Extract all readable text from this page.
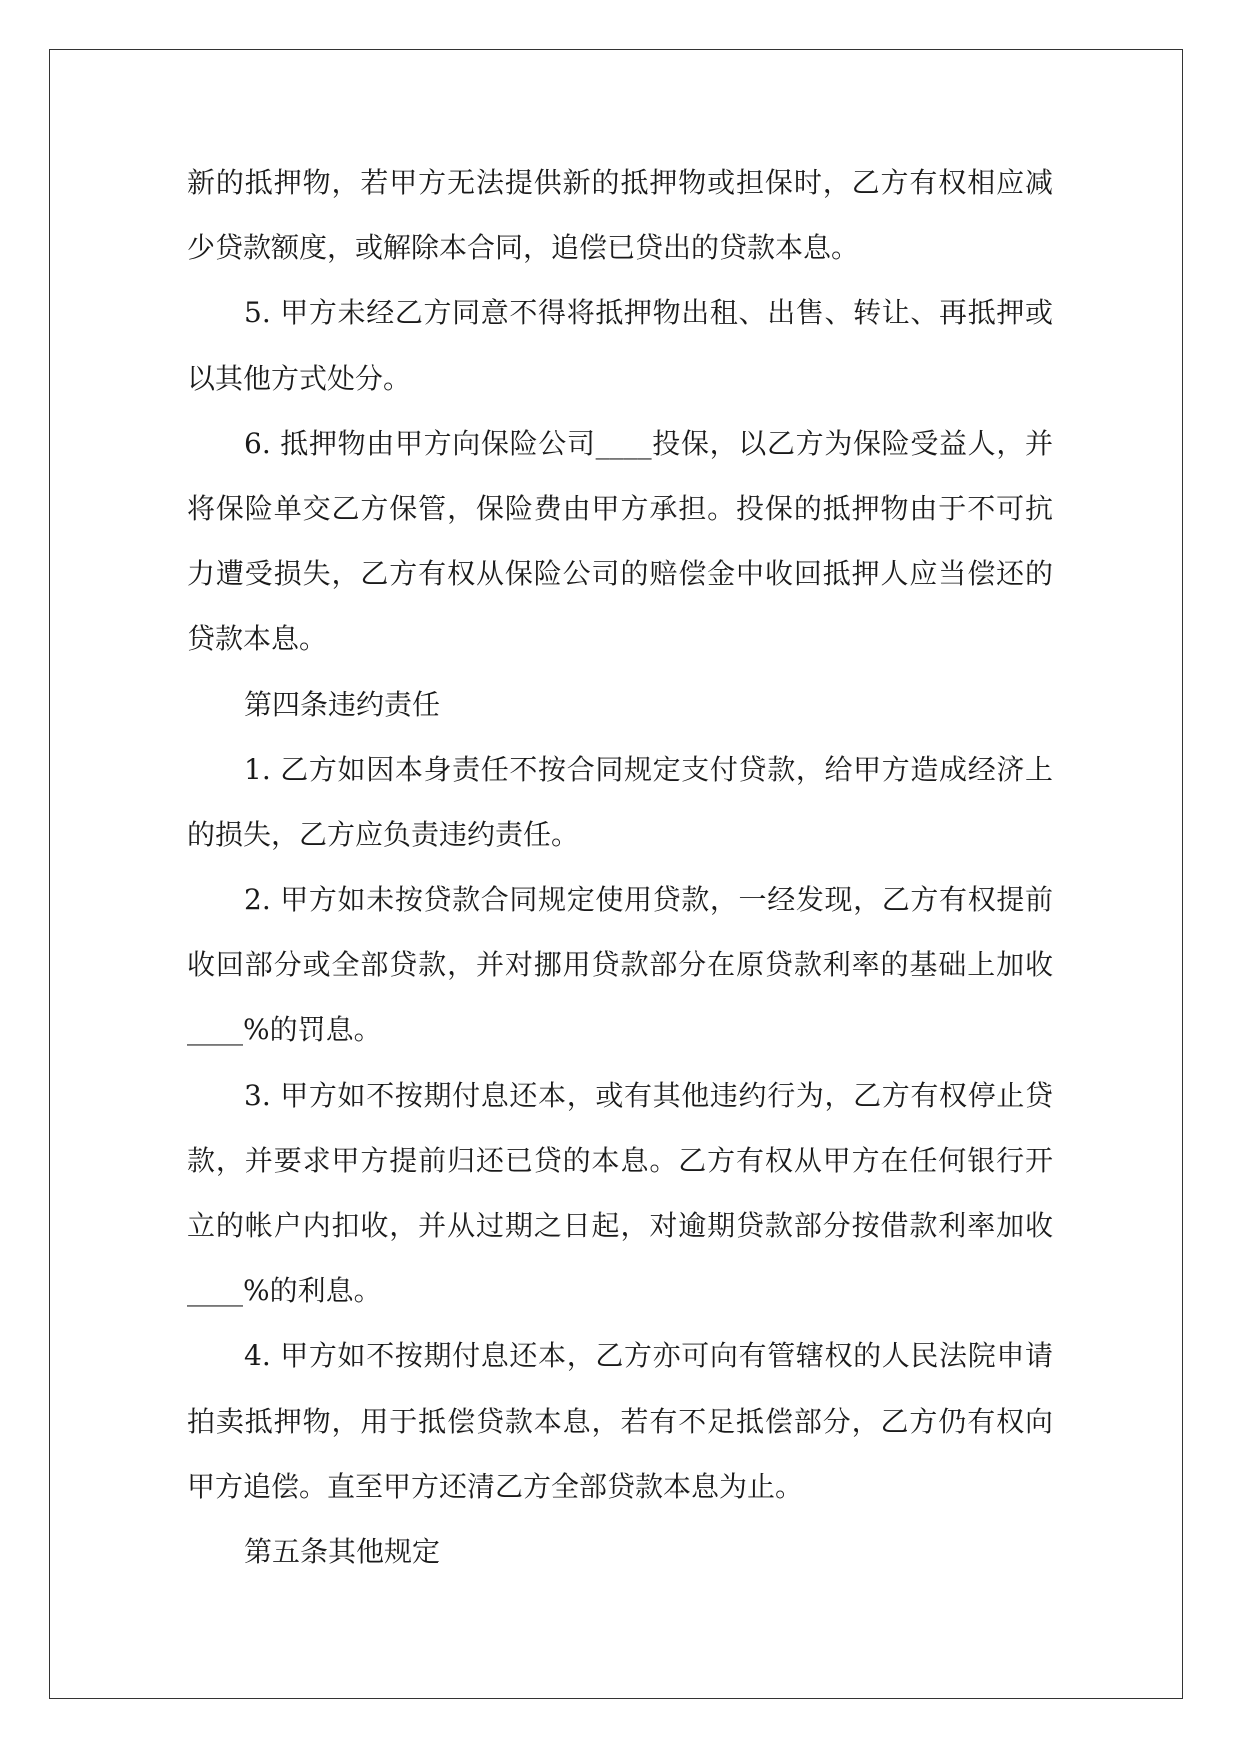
新的抵押物，若甲方无法提供新的抵押物或担保时，乙方有权相应减
少贷款额度，或解除本合同，追偿已贷出的贷款本息。
5. 甲方未经乙方同意不得将抵押物出租、出售、转让、再抵押或
以其他方式处分。
6. 抵押物由甲方向保险公司____投保，以乙方为保险受益人，并
将保险单交乙方保管，保险费由甲方承担。投保的抵押物由于不可抗
力遭受损失，乙方有权从保险公司的赔偿金中收回抵押人应当偿还的
贷款本息。
第四条违约责任
1. 乙方如因本身责任不按合同规定支付贷款，给甲方造成经济上
的损失，乙方应负责违约责任。
2. 甲方如未按贷款合同规定使用贷款，一经发现，乙方有权提前
收回部分或全部贷款，并对挪用贷款部分在原贷款利率的基础上加收
____%的罚息。
3. 甲方如不按期付息还本，或有其他违约行为，乙方有权停止贷
款，并要求甲方提前归还已贷的本息。乙方有权从甲方在任何银行开
立的帐户内扣收，并从过期之日起，对逾期贷款部分按借款利率加收
____%的利息。
4. 甲方如不按期付息还本，乙方亦可向有管辖权的人民法院申请
拍卖抵押物，用于抵偿贷款本息，若有不足抵偿部分，乙方仍有权向
甲方追偿。直至甲方还清乙方全部贷款本息为止。
第五条其他规定
